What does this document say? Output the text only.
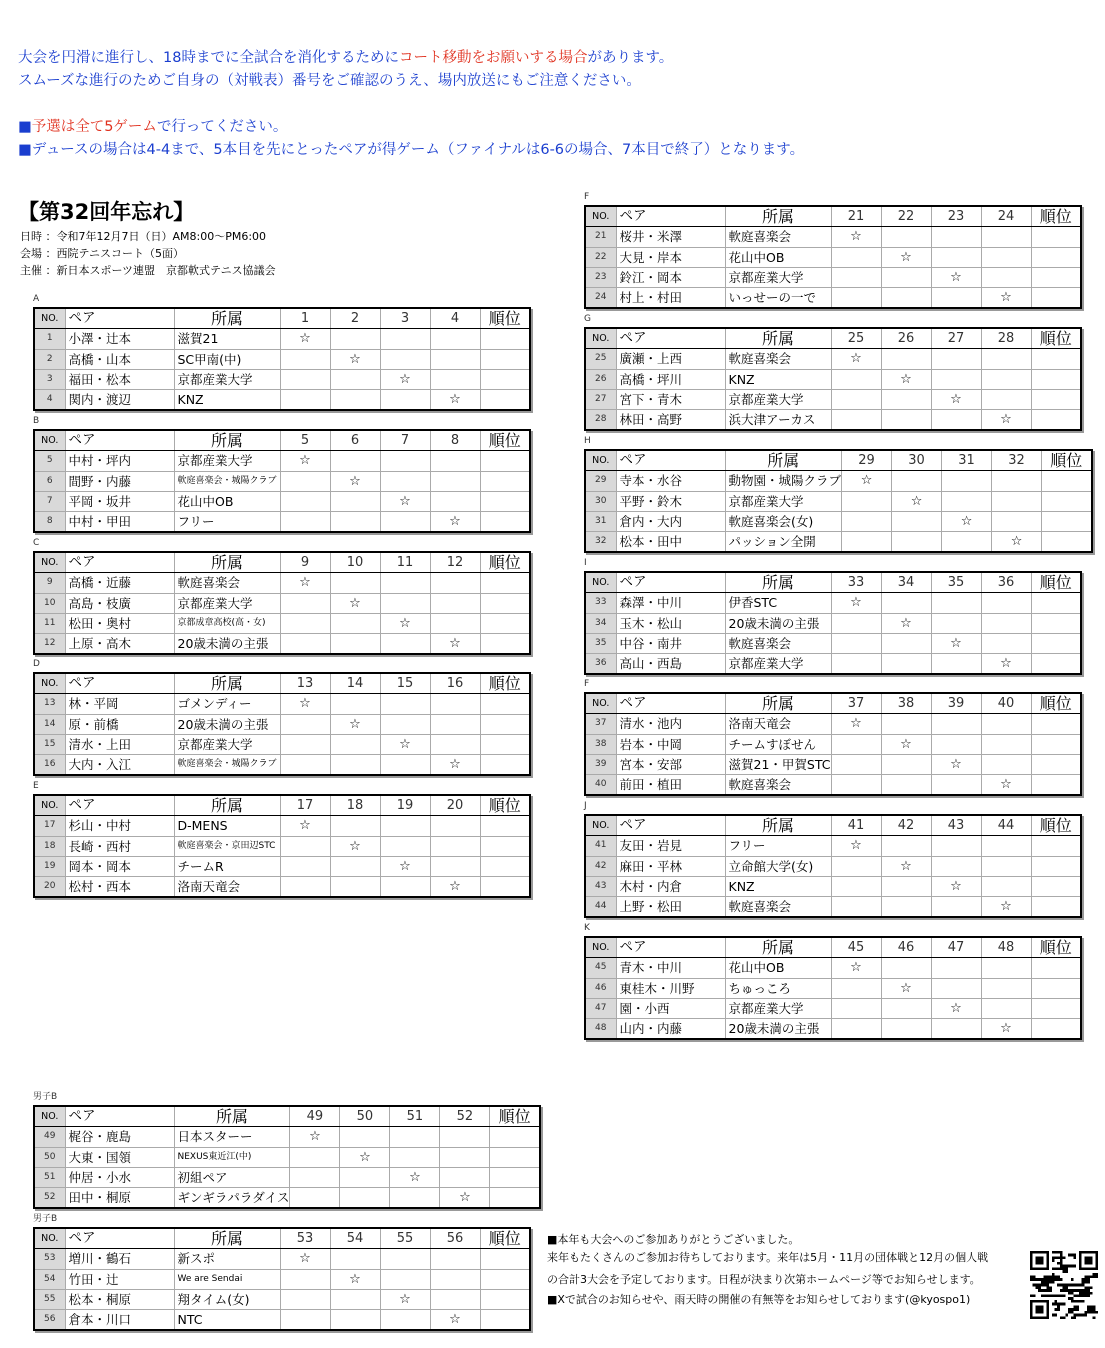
大会を円滑に進行し、18時までに全試合を消化するためにコート移動をお願いする場合があります。
スムーズな進行のためご自身の（対戦表）番号をご確認のうえ、場内放送にもご注意ください。
■予選は全て5ゲームで行ってください。
■デュースの場合は4-4まで、5本目を先にとったペアが得ゲーム（ファイナルは6-6の場合、7本目で終了）となります。
【第32回年忘れ】
日時 ：令和7年12月7日（日）AM8:00〜PM6:00
会場 ：西院テニスコート（5面）
主催 ：新日本スポーツ連盟　京都軟式テニス協議会
A
NO.	ペア	所属	1	2	3	4	順位
1	小澤・辻本	滋賀21	☆				
2	高橋・山本	SC甲南(中)		☆			
3	福田・松本	京都産業大学			☆		
4	関内・渡辺	KNZ				☆	
B
NO.	ペア	所属	5	6	7	8	順位
5	中村・坪内	京都産業大学	☆				
6	間野・内藤	軟庭喜楽会・城陽クラブ		☆			
7	平岡・坂井	花山中OB			☆		
8	中村・甲田	フリー				☆	
C
NO.	ペア	所属	9	10	11	12	順位
9	高橋・近藤	軟庭喜楽会	☆				
10	高島・枝廣	京都産業大学		☆			
11	松田・奥村	京都成章高校(高・女)			☆		
12	上原・高木	20歳未満の主張				☆	
D
NO.	ペア	所属	13	14	15	16	順位
13	林・平岡	ゴメンディー	☆				
14	原・前橋	20歳未満の主張		☆			
15	清水・上田	京都産業大学			☆		
16	大内・入江	軟庭喜楽会・城陽クラブ				☆	
E
NO.	ペア	所属	17	18	19	20	順位
17	杉山・中村	D-MENS	☆				
18	長崎・西村	軟庭喜楽会・京田辺STC		☆			
19	岡本・岡本	チームR			☆		
20	松村・西本	洛南天竜会				☆	
F
NO.	ペア	所属	21	22	23	24	順位
21	桜井・米澤	軟庭喜楽会	☆				
22	大見・岸本	花山中OB		☆			
23	鈴江・岡本	京都産業大学			☆		
24	村上・村田	いっせーの一で				☆	
G
NO.	ペア	所属	25	26	27	28	順位
25	廣瀬・上西	軟庭喜楽会	☆				
26	高橋・坪川	KNZ		☆			
27	宮下・青木	京都産業大学			☆		
28	林田・高野	浜大津アーカス				☆	
H
NO.	ペア	所属	29	30	31	32	順位
29	寺本・水谷	動物園・城陽クラブ	☆				
30	平野・鈴木	京都産業大学		☆			
31	倉内・大内	軟庭喜楽会(女)			☆		
32	松本・田中	パッション全開				☆	
I
NO.	ペア	所属	33	34	35	36	順位
33	森澤・中川	伊香STC	☆				
34	玉木・松山	20歳未満の主張		☆			
35	中谷・南井	軟庭喜楽会			☆		
36	高山・西島	京都産業大学				☆	
F
NO.	ペア	所属	37	38	39	40	順位
37	清水・池内	洛南天竜会	☆				
38	岩本・中岡	チームすぼせん		☆			
39	宮本・安部	滋賀21・甲賀STC			☆		
40	前田・植田	軟庭喜楽会				☆	
J
NO.	ペア	所属	41	42	43	44	順位
41	友田・岩見	フリー	☆				
42	麻田・平林	立命館大学(女)		☆			
43	木村・内倉	KNZ			☆		
44	上野・松田	軟庭喜楽会				☆	
K
NO.	ペア	所属	45	46	47	48	順位
45	青木・中川	花山中OB	☆				
46	東桂木・川野	ちゅっころ		☆			
47	園・小西	京都産業大学			☆		
48	山内・内藤	20歳未満の主張				☆	
男子B
NO.	ペア	所属	49	50	51	52	順位
49	梶谷・鹿島	日本スターー	☆				
50	大東・国領	NEXUS東近江(中)		☆			
51	仲居・小水	初組ペア			☆		
52	田中・桐原	ギンギラパラダイス				☆	
男子B
NO.	ペア	所属	53	54	55	56	順位
53	増川・鶴石	新スポ	☆				
54	竹田・辻	We are Sendai		☆			
55	松本・桐原	翔タイム(女)			☆		
56	倉本・川口	NTC				☆	
■本年も大会へのご参加ありがとうございました。
来年もたくさんのご参加お待ちしております。来年は5月・11月の団体戦と12月の個人戦
の合計3大会を予定しております。日程が決まり次第ホームページ等でお知らせします。
■Xで試合のお知らせや、雨天時の開催の有無等をお知らせしております(@kyospo1)
